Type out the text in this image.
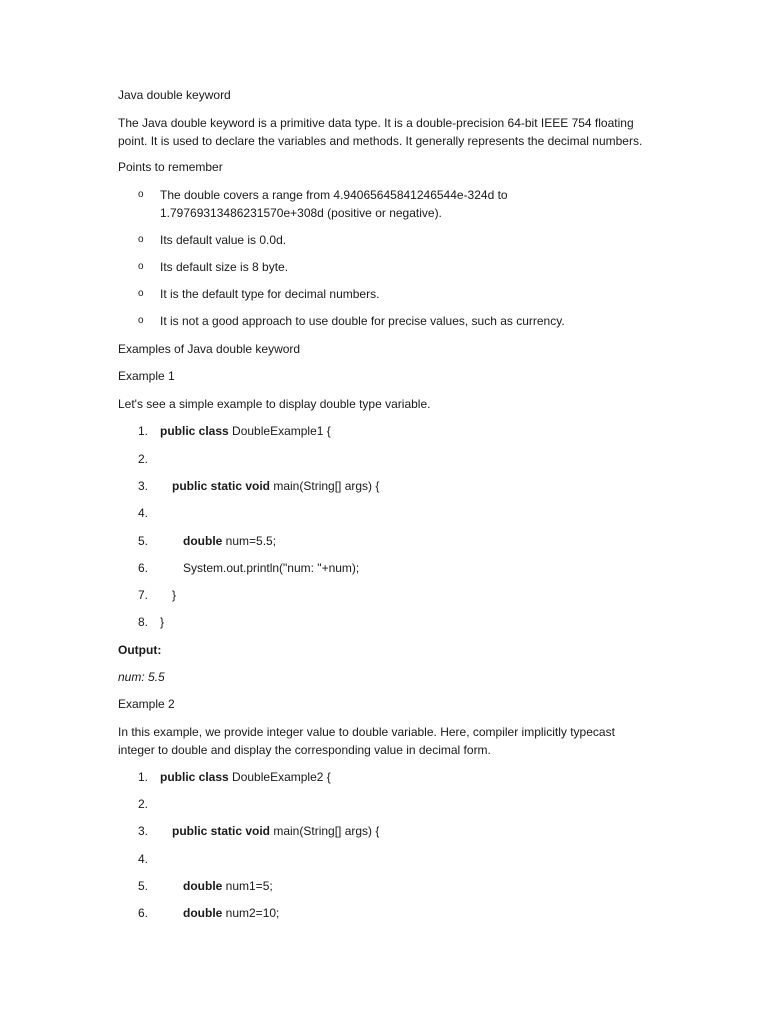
Java double keyword
The Java double keyword is a primitive data type. It is a double-precision 64-bit IEEE 754 floating point. It is used to declare the variables and methods. It generally represents the decimal numbers.
Points to remember
o	The double covers a range from 4.94065645841246544e-324d to 1.79769313486231570e+308d (positive or negative).
o	Its default value is 0.0d.
o	Its default size is 8 byte.
o	It is the default type for decimal numbers.
o	It is not a good approach to use double for precise values, such as currency.
Examples of Java double keyword
Example 1
Let's see a simple example to display double type variable.
1. public class DoubleExample1 {
2.
3.	public static void main(String[] args) {
4.
5.	double num=5.5;
6.	System.out.println("num: "+num);
7.	}
8. }
Output:
num: 5.5
Example 2
In this example, we provide integer value to double variable. Here, compiler implicitly typecast integer to double and display the corresponding value in decimal form.
1. public class DoubleExample2 {
2.
3.	public static void main(String[] args) {
4.
5.	double num1=5;
6.	double num2=10;
